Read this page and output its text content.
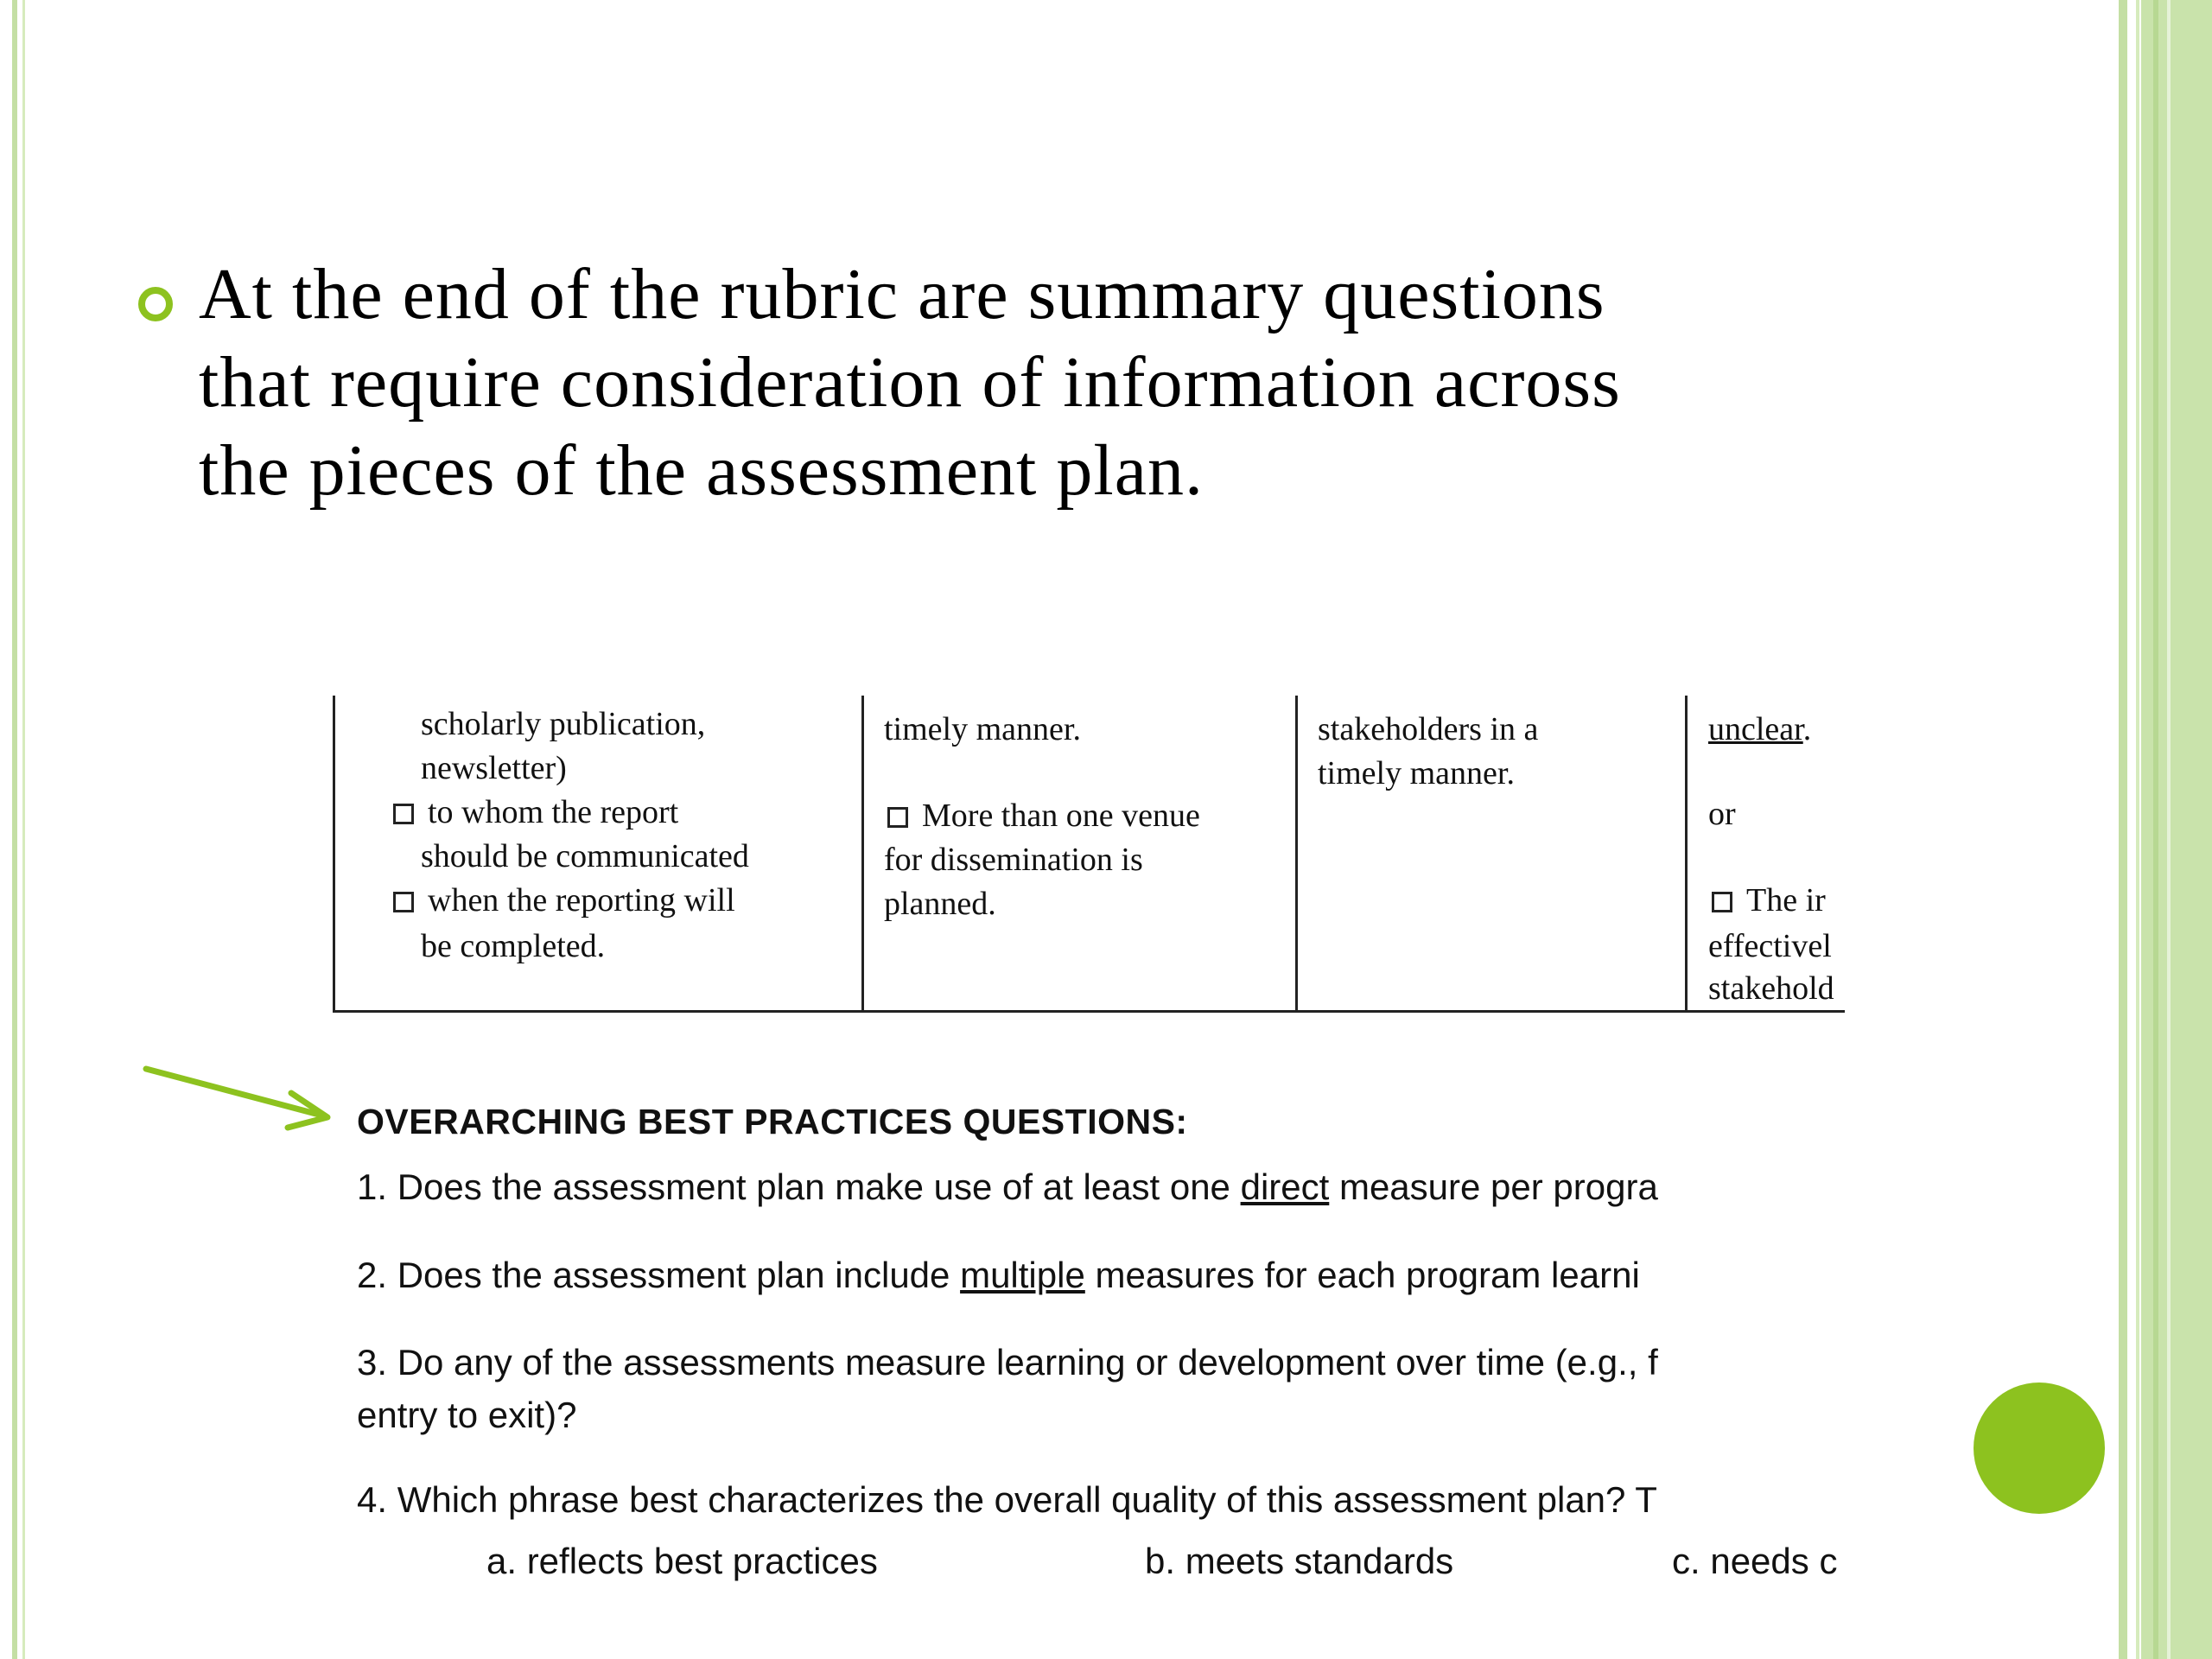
At the end of the rubric are summary questions
that require consideration of information across
the pieces of the assessment plan.
scholarly publication,
newsletter)
to whom the report
should be communicated
when the reporting will
be completed.
timely manner.
More than one venue
for dissemination is
planned.
stakeholders in a
timely manner.
unclear.
or
The ir
effectivel
stakehold
OVERARCHING BEST PRACTICES QUESTIONS:
1. Does the assessment plan make use of at least one direct measure per progra
2. Does the assessment plan include multiple measures for each program learni
3. Do any of the assessments measure learning or development over time (e.g., f
entry to exit)?
4. Which phrase best characterizes the overall quality of this assessment plan? T
a. reflects best practices	b. meets standards	c. needs c
